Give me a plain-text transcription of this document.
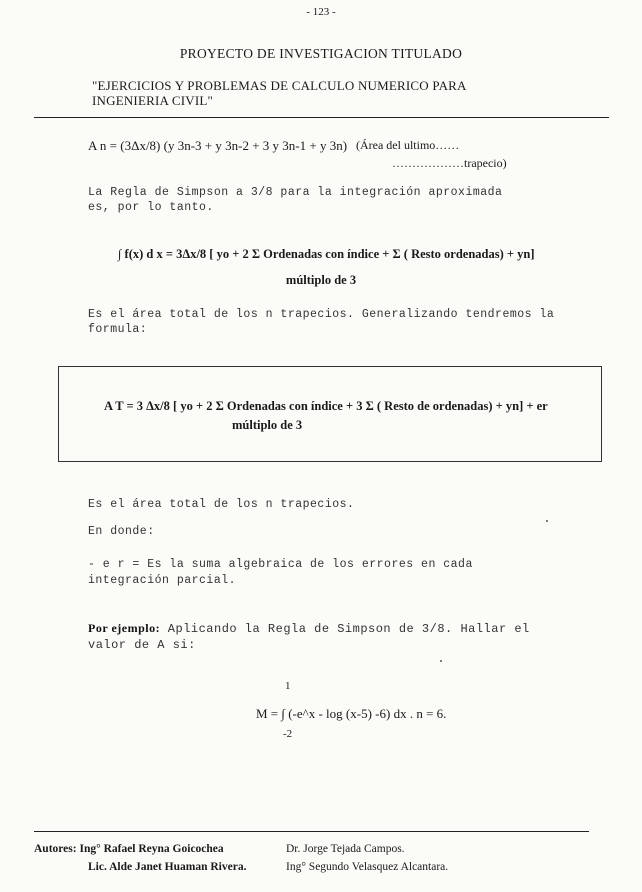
- 123 -
PROYECTO DE INVESTIGACION TITULADO
"EJERCICIOS Y PROBLEMAS DE CALCULO NUMERICO PARA INGENIERIA CIVIL"
A n = (3Δx/8) (y 3n-3 + y 3n-2 + 3 y 3n-1 + y 3n) (Área del ultimo……
………………trapecio)
La Regla de Simpson a 3/8 para la integración aproximada es, por lo tanto.
∫ f(x) d x = 3Δx/8 [ yo + 2 Σ Ordenadas con índice + Σ ( Resto ordenadas) + yn]
múltiplo de 3
Es el área total de los n trapecios. Generalizando tendremos la formula:
A T = 3 Δx/8 [ yo + 2 Σ Ordenadas con índice + 3 Σ ( Resto de ordenadas) + yn] + er
múltiplo de 3
Es el área total de los n trapecios.
En donde:
- e r = Es la suma algebraica de los errores en cada integración parcial.
Por ejemplo: Aplicando la Regla de Simpson de 3/8. Hallar el valor de A si:
1
M = ∫ (-e^x - log (x-5) -6) dx . n = 6.
-2
Autores: Ing° Rafael Reyna Goicochea
Lic. Alde Janet Huaman Rivera.
Dr. Jorge Tejada Campos.
Ing° Segundo Velasquez Alcantara.
